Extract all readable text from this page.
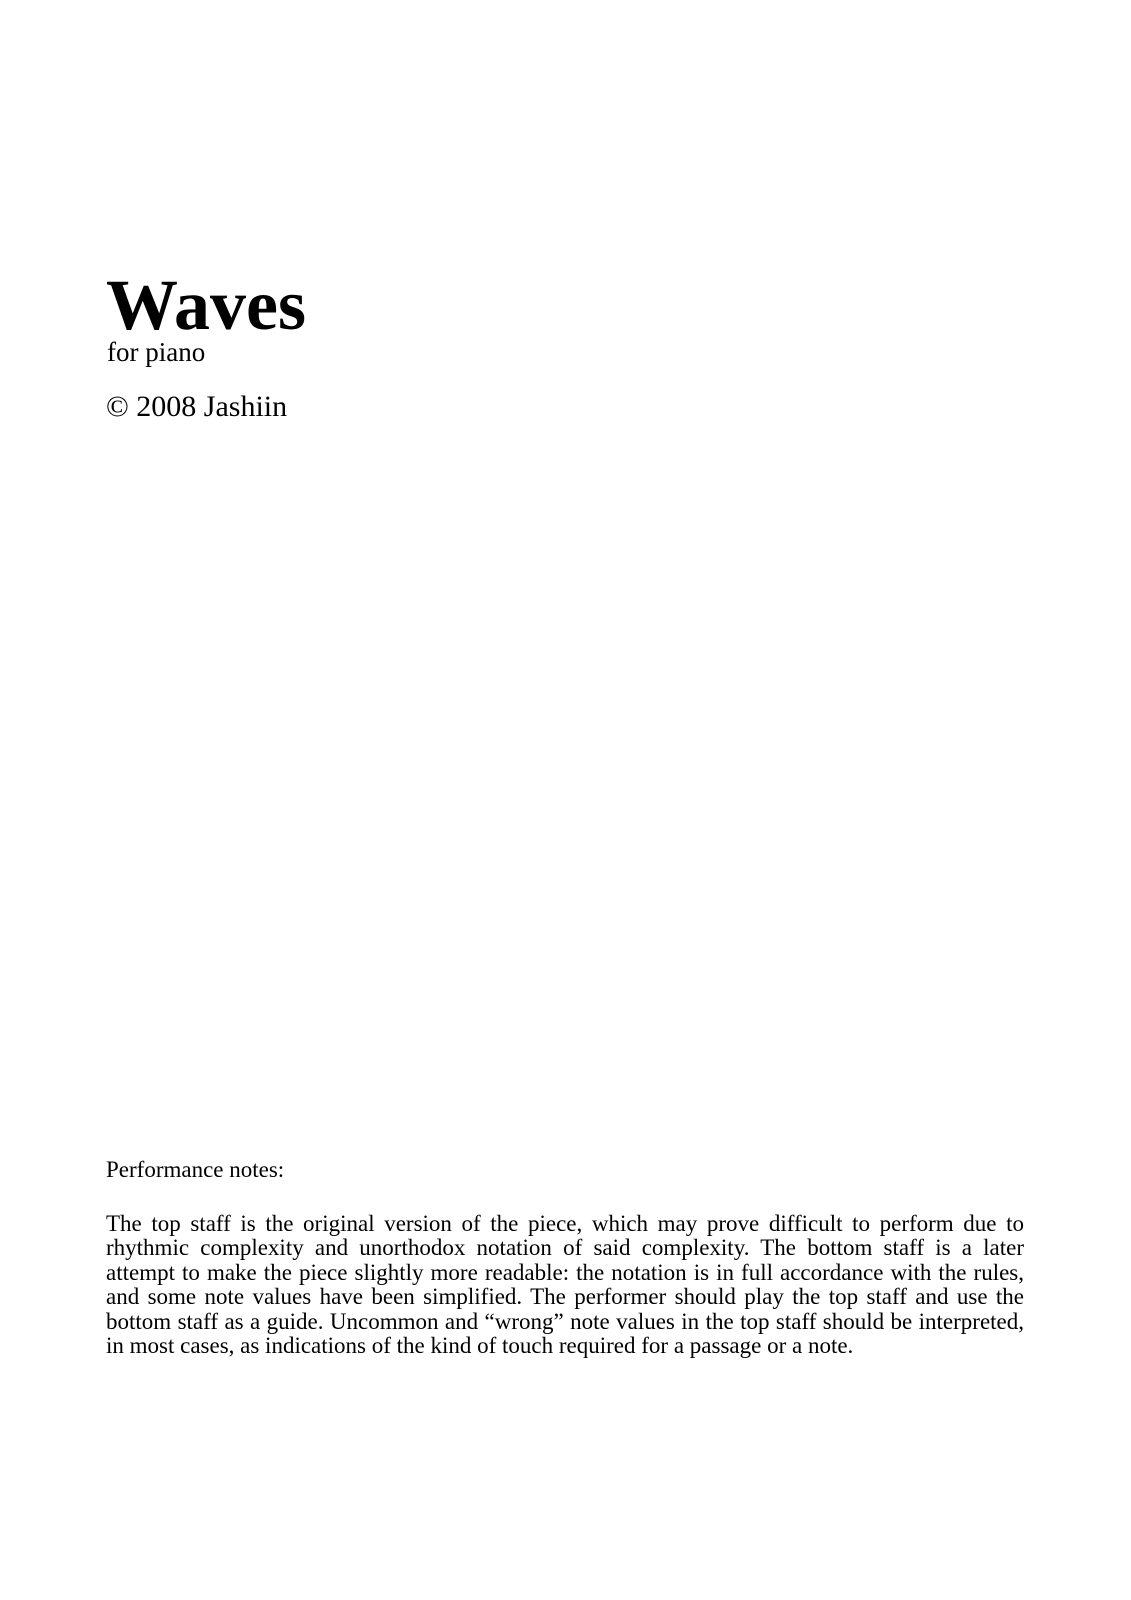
Waves
for piano
© 2008 Jashiin
Performance notes:

The top staff is the original version of the piece, which may prove difficult to perform due to rhythmic complexity and unorthodox notation of said complexity. The bottom staff is a later attempt to make the piece slightly more readable: the notation is in full accordance with the rules, and some note values have been simplified. The performer should play the top staff and use the bottom staff as a guide. Uncommon and “wrong” note values in the top staff should be interpreted, in most cases, as indications of the kind of touch required for a passage or a note.
